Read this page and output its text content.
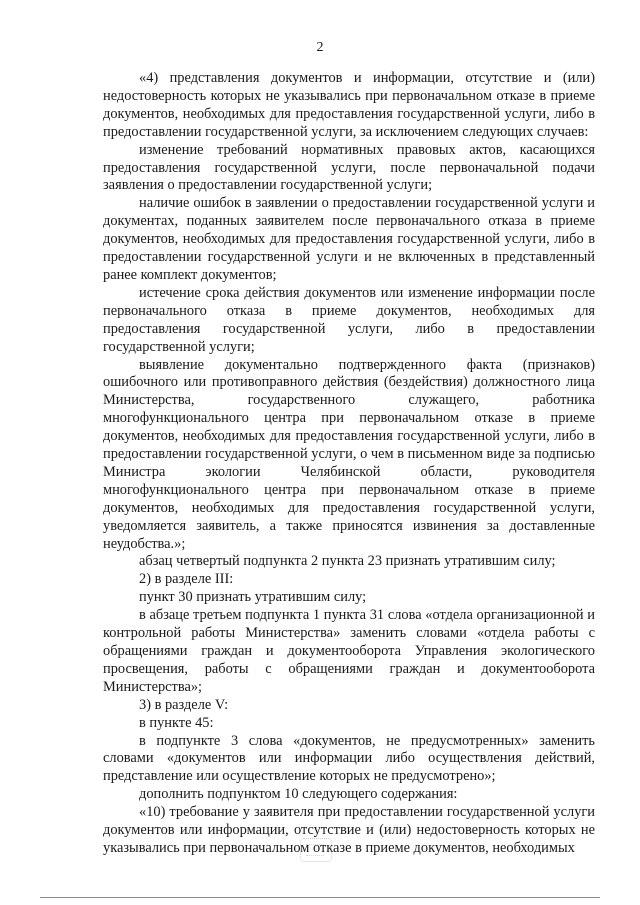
2

«4) представления документов и информации, отсутствие и (или) недостоверность которых не указывались при первоначальном отказе в приеме документов, необходимых для предоставления государственной услуги, либо в предоставлении государственной услуги, за исключением следующих случаев:

изменение требований нормативных правовых актов, касающихся предоставления государственной услуги, после первоначальной подачи заявления о предоставлении государственной услуги;

наличие ошибок в заявлении о предоставлении государственной услуги и документах, поданных заявителем после первоначального отказа в приеме документов, необходимых для предоставления государственной услуги, либо в предоставлении государственной услуги и не включенных в представленный ранее комплект документов;

истечение срока действия документов или изменение информации после первоначального отказа в приеме документов, необходимых для предоставления государственной услуги, либо в предоставлении государственной услуги;

выявление документально подтвержденного факта (признаков) ошибочного или противоправного действия (бездействия) должностного лица Министерства, государственного служащего, работника многофункционального центра при первоначальном отказе в приеме документов, необходимых для предоставления государственной услуги, либо в предоставлении государственной услуги, о чем в письменном виде за подписью Министра экологии Челябинской области, руководителя многофункционального центра при первоначальном отказе в приеме документов, необходимых для предоставления государственной услуги, уведомляется заявитель, а также приносятся извинения за доставленные неудобства.»;

абзац четвертый подпункта 2 пункта 23 признать утратившим силу;

2) в разделе III:

пункт 30 признать утратившим силу;

в абзаце третьем подпункта 1 пункта 31 слова «отдела организационной и контрольной работы Министерства» заменить словами «отдела работы с обращениями граждан и документооборота Управления экологического просвещения, работы с обращениями граждан и документооборота Министерства»;

3) в разделе V:

в пункте 45:

в подпункте 3 слова «документов, не предусмотренных» заменить словами «документов или информации либо осуществления действий, представление или осуществление которых не предусмотрено»;

дополнить подпунктом 10 следующего содержания:

«10) требование у заявителя при предоставлении государственной услуги документов или информации, отсутствие и (или) недостоверность которых не указывались при первоначальном отказе в приеме документов, необходимых
